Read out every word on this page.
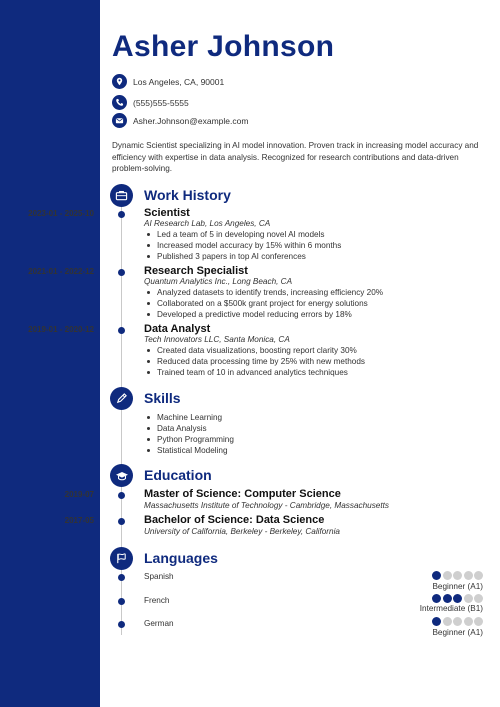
Asher Johnson
Los Angeles, CA, 90001
(555)555-5555
Asher.Johnson@example.com
Dynamic Scientist specializing in AI model innovation. Proven track in increasing model accuracy and efficiency with expertise in data analysis. Recognized for research contributions and data-driven problem-solving.
Work History
2023-01 - 2025-10	Scientist
AI Research Lab, Los Angeles, CA
Led a team of 5 in developing novel AI models
Increased model accuracy by 15% within 6 months
Published 3 papers in top AI conferences
2021-01 - 2022-12	Research Specialist
Quantum Analytics Inc., Long Beach, CA
Analyzed datasets to identify trends, increasing efficiency 20%
Collaborated on a $500k grant project for energy solutions
Developed a predictive model reducing errors by 18%
2019-01 - 2020-12	Data Analyst
Tech Innovators LLC, Santa Monica, CA
Created data visualizations, boosting report clarity 30%
Reduced data processing time by 25% with new methods
Trained team of 10 in advanced analytics techniques
Skills
Machine Learning
Data Analysis
Python Programming
Statistical Modeling
Education
2019-07	Master of Science: Computer Science
Massachusetts Institute of Technology - Cambridge, Massachusetts
2017-05	Bachelor of Science: Data Science
University of California, Berkeley - Berkeley, California
Languages
Spanish
Beginner (A1)
French
Intermediate (B1)
German
Beginner (A1)
